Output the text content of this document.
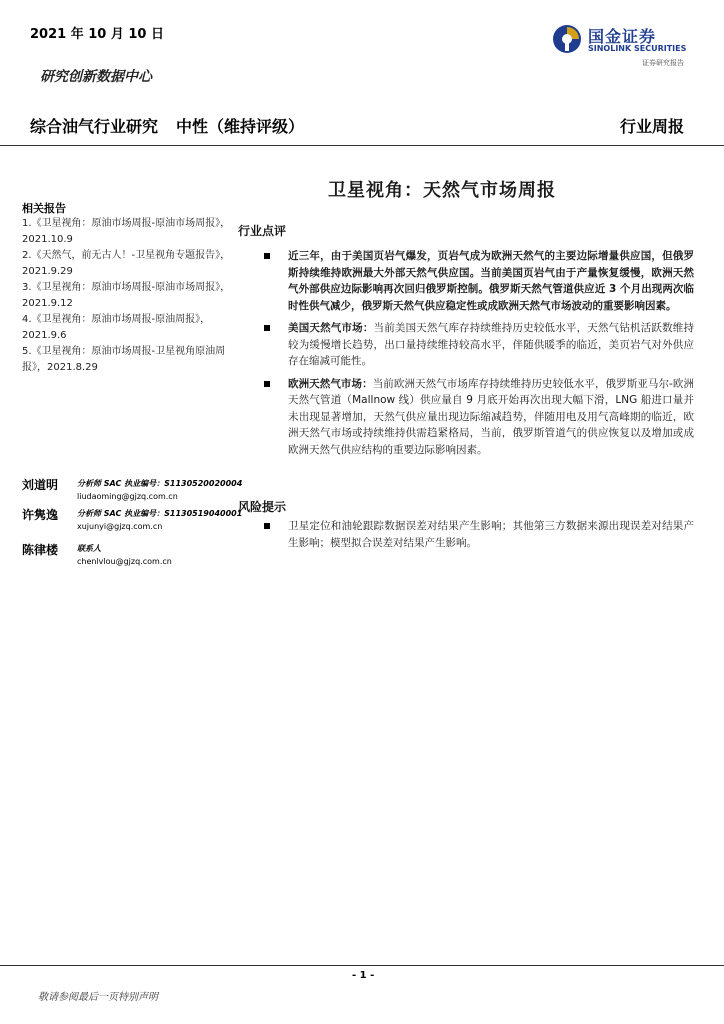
2021 年 10 月 10 日	国金证券
SINOLINK SECURITIES
证券研究报告
研究创新数据中心
综合油气行业研究 中性（维持评级）	行业周报
卫星视角：天然气市场周报
相关报告
1.《卫星视角：原油市场周报-原油市场周报》，2021.10.9
2.《天然气，前无古人！-卫星视角专题报告》，2021.9.29
3.《卫星视角：原油市场周报-原油市场周报》，2021.9.12
4.《卫星视角：原油市场周报-原油周报》，2021.9.6
5.《卫星视角：原油市场周报-卫星视角原油周报》，2021.8.29
行业点评
近三年，由于美国页岩气爆发，页岩气成为欧洲天然气的主要边际增量供应国，但俄罗斯持续维持欧洲最大外部天然气供应国。当前美国页岩气由于产量恢复缓慢，欧洲天然气外部供应边际影响再次回归俄罗斯控制。俄罗斯天然气管道供应近 3 个月出现两次临时性供气减少，俄罗斯天然气供应稳定性或成欧洲天然气市场波动的重要影响因素。
美国天然气市场：当前美国天然气库存持续维持历史较低水平，天然气钻机活跃数维持较为缓慢增长趋势，出口量持续维持较高水平，伴随供暖季的临近，美页岩气对外供应存在缩减可能性。
欧洲天然气市场：当前欧洲天然气市场库存持续维持历史较低水平，俄罗斯亚马尔-欧洲天然气管道（Mallnow 线）供应量自 9 月底开始再次出现大幅下滑，LNG 船进口量并未出现显著增加，天然气供应量出现边际缩减趋势，伴随用电及用气高峰期的临近，欧洲天然气市场或持续维持供需趋紧格局，当前，俄罗斯管道气的供应恢复以及增加或成欧洲天然气供应结构的重要边际影响因素。
风险提示
卫星定位和油轮跟踪数据误差对结果产生影响；其他第三方数据来源出现误差对结果产生影响；模型拟合误差对结果产生影响。
刘道明 分析师 SAC 执业编号：S1130520020004
liudaoming@gjzq.com.cn
许隽逸 分析师 SAC 执业编号：S1130519040001
xujunyi@gjzq.com.cn
陈律楼 联系人
chenlvlou@gjzq.com.cn
- 1 -
敬请参阅最后一页特别声明
